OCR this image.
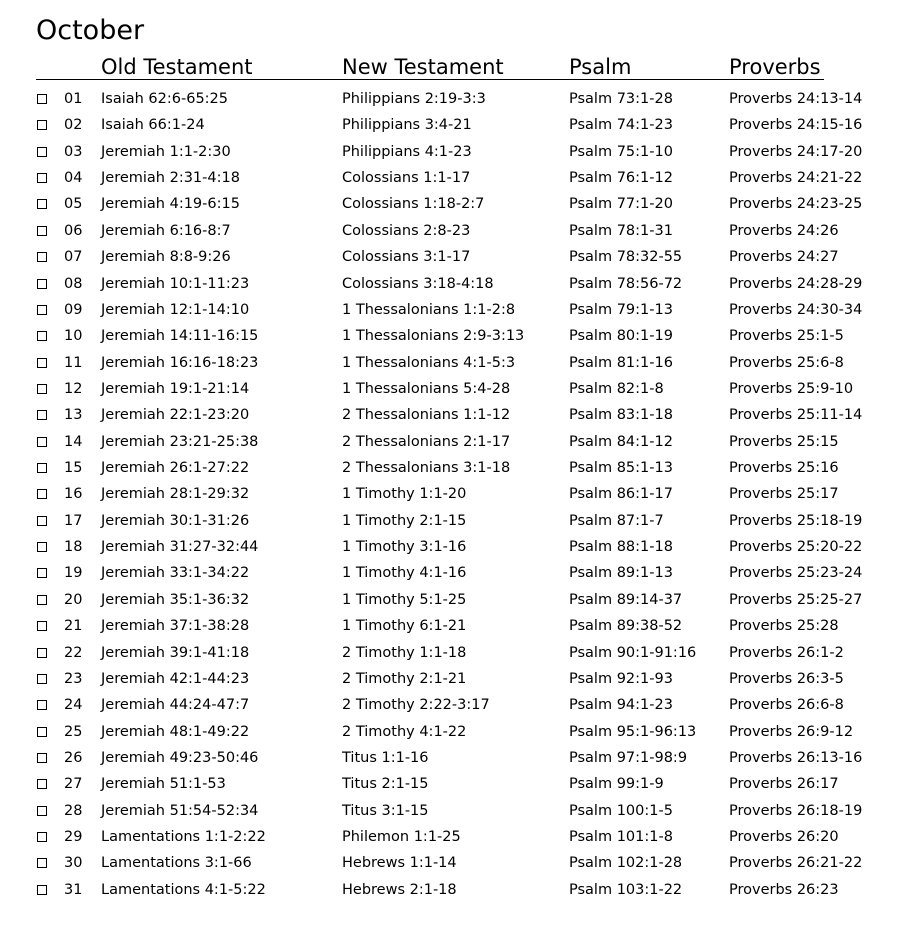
October
Old Testament	New Testament	Psalm	Proverbs
01 Isaiah 62:6-65:25	Philippians 2:19-3:3	Psalm 73:1-28	Proverbs 24:13-14
02 Isaiah 66:1-24	Philippians 3:4-21	Psalm 74:1-23	Proverbs 24:15-16
03 Jeremiah 1:1-2:30	Philippians 4:1-23	Psalm 75:1-10	Proverbs 24:17-20
04 Jeremiah 2:31-4:18	Colossians 1:1-17	Psalm 76:1-12	Proverbs 24:21-22
05 Jeremiah 4:19-6:15	Colossians 1:18-2:7	Psalm 77:1-20	Proverbs 24:23-25
06 Jeremiah 6:16-8:7	Colossians 2:8-23	Psalm 78:1-31	Proverbs 24:26
07 Jeremiah 8:8-9:26	Colossians 3:1-17	Psalm 78:32-55	Proverbs 24:27
08 Jeremiah 10:1-11:23	Colossians 3:18-4:18	Psalm 78:56-72	Proverbs 24:28-29
09 Jeremiah 12:1-14:10	1 Thessalonians 1:1-2:8	Psalm 79:1-13	Proverbs 24:30-34
10 Jeremiah 14:11-16:15	1 Thessalonians 2:9-3:13	Psalm 80:1-19	Proverbs 25:1-5
11 Jeremiah 16:16-18:23	1 Thessalonians 4:1-5:3	Psalm 81:1-16	Proverbs 25:6-8
12 Jeremiah 19:1-21:14	1 Thessalonians 5:4-28	Psalm 82:1-8	Proverbs 25:9-10
13 Jeremiah 22:1-23:20	2 Thessalonians 1:1-12	Psalm 83:1-18	Proverbs 25:11-14
14 Jeremiah 23:21-25:38	2 Thessalonians 2:1-17	Psalm 84:1-12	Proverbs 25:15
15 Jeremiah 26:1-27:22	2 Thessalonians 3:1-18	Psalm 85:1-13	Proverbs 25:16
16 Jeremiah 28:1-29:32	1 Timothy 1:1-20	Psalm 86:1-17	Proverbs 25:17
17 Jeremiah 30:1-31:26	1 Timothy 2:1-15	Psalm 87:1-7	Proverbs 25:18-19
18 Jeremiah 31:27-32:44	1 Timothy 3:1-16	Psalm 88:1-18	Proverbs 25:20-22
19 Jeremiah 33:1-34:22	1 Timothy 4:1-16	Psalm 89:1-13	Proverbs 25:23-24
20 Jeremiah 35:1-36:32	1 Timothy 5:1-25	Psalm 89:14-37	Proverbs 25:25-27
21 Jeremiah 37:1-38:28	1 Timothy 6:1-21	Psalm 89:38-52	Proverbs 25:28
22 Jeremiah 39:1-41:18	2 Timothy 1:1-18	Psalm 90:1-91:16 Proverbs 26:1-2
23 Jeremiah 42:1-44:23	2 Timothy 2:1-21	Psalm 92:1-93	Proverbs 26:3-5
24 Jeremiah 44:24-47:7	2 Timothy 2:22-3:17	Psalm 94:1-23	Proverbs 26:6-8
25 Jeremiah 48:1-49:22	2 Timothy 4:1-22	Psalm 95:1-96:13 Proverbs 26:9-12
26 Jeremiah 49:23-50:46	Titus 1:1-16	Psalm 97:1-98:9	Proverbs 26:13-16
27 Jeremiah 51:1-53	Titus 2:1-15	Psalm 99:1-9	Proverbs 26:17
28 Jeremiah 51:54-52:34	Titus 3:1-15	Psalm 100:1-5	Proverbs 26:18-19
29 Lamentations 1:1-2:22	Philemon 1:1-25	Psalm 101:1-8	Proverbs 26:20
30 Lamentations 3:1-66	Hebrews 1:1-14	Psalm 102:1-28	Proverbs 26:21-22
31 Lamentations 4:1-5:22	Hebrews 2:1-18	Psalm 103:1-22	Proverbs 26:23
